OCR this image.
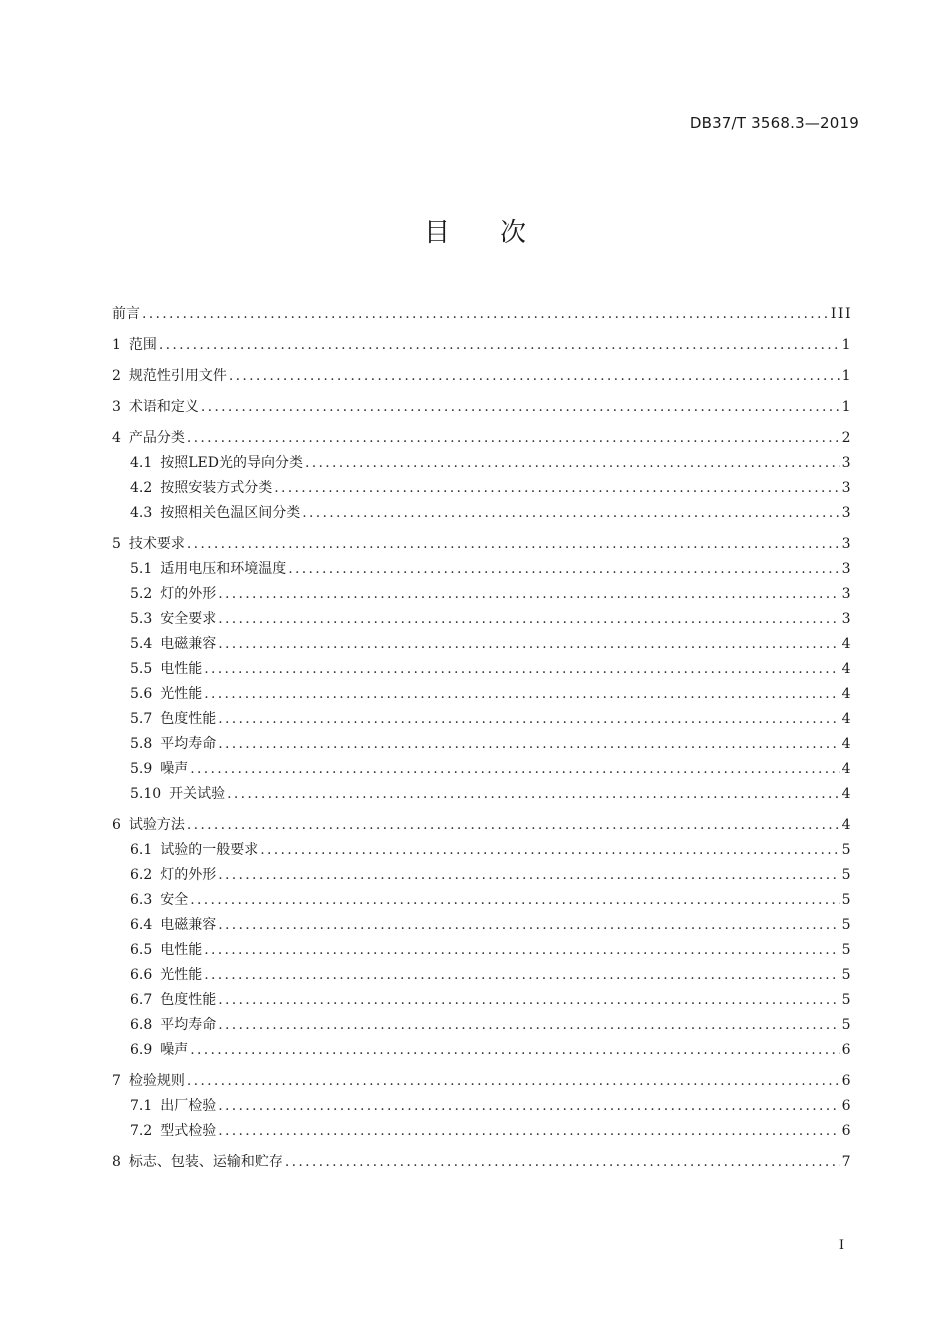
DB37/T 3568.3—2019
目次
前言 .....	III
1 范围 .....	1
2 规范性引用文件 .....	1
3 术语和定义 .....	1
4 产品分类 .....	2
4.1 按照LED光的导向分类 .....	3
4.2 按照安装方式分类 .....	3
4.3 按照相关色温区间分类 .....	3
5 技术要求 .....	3
5.1 适用电压和环境温度 .....	3
5.2 灯的外形 .....	3
5.3 安全要求 .....	3
5.4 电磁兼容 .....	4
5.5 电性能 .....	4
5.6 光性能 .....	4
5.7 色度性能 .....	4
5.8 平均寿命 .....	4
5.9 噪声 .....	4
5.10 开关试验 .....	4
6 试验方法 .....	4
6.1 试验的一般要求 .....	5
6.2 灯的外形 .....	5
6.3 安全 .....	5
6.4 电磁兼容 .....	5
6.5 电性能 .....	5
6.6 光性能 .....	5
6.7 色度性能 .....	5
6.8 平均寿命 .....	5
6.9 噪声 .....	6
7 检验规则 .....	6
7.1 出厂检验 .....	6
7.2 型式检验 .....	6
8 标志、包装、运输和贮存 .....	7
I
